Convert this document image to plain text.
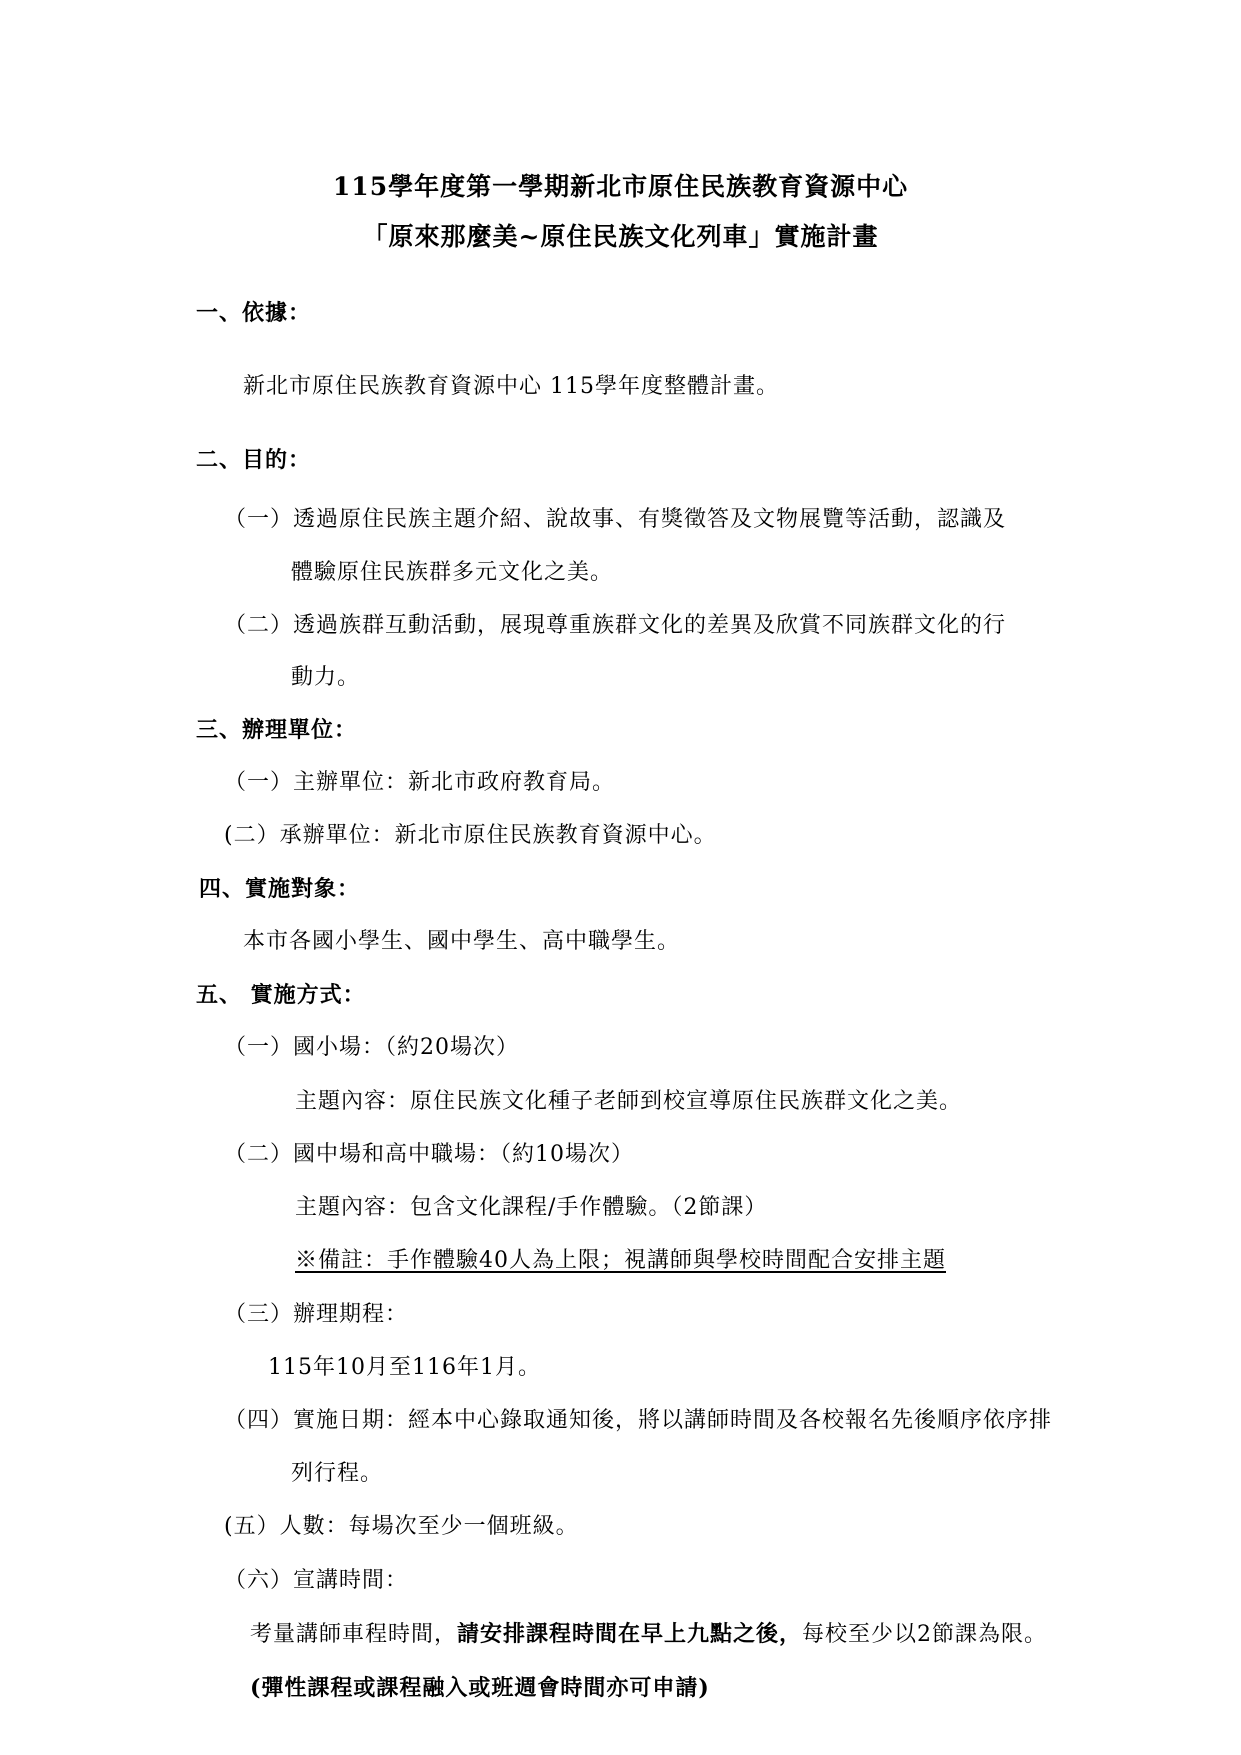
115學年度第一學期新北市原住民族教育資源中心
「原來那麼美~原住民族文化列車」實施計畫
一、依據：
新北市原住民族教育資源中心 115學年度整體計畫。
二、目的：
（一）透過原住民族主題介紹、說故事、有獎徵答及文物展覽等活動，認識及
體驗原住民族群多元文化之美。
（二）透過族群互動活動，展現尊重族群文化的差異及欣賞不同族群文化的行
動力。
三、辦理單位：
（一）主辦單位：新北市政府教育局。
(二）承辦單位：新北市原住民族教育資源中心。
四、實施對象：
本市各國小學生、國中學生、高中職學生。
五、 實施方式：
（一）國小場：（約20場次）
主題內容：原住民族文化種子老師到校宣導原住民族群文化之美。
（二）國中場和高中職場：（約10場次）
主題內容：包含文化課程/手作體驗。（2節課）
※備註：手作體驗40人為上限；視講師與學校時間配合安排主題
（三）辦理期程：
115年10月至116年1月。
（四）實施日期：經本中心錄取通知後，將以講師時間及各校報名先後順序依序排
列行程。
(五）人數：每場次至少一個班級。
（六）宣講時間：
考量講師車程時間，請安排課程時間在早上九點之後，每校至少以2節課為限。
(彈性課程或課程融入或班週會時間亦可申請)
